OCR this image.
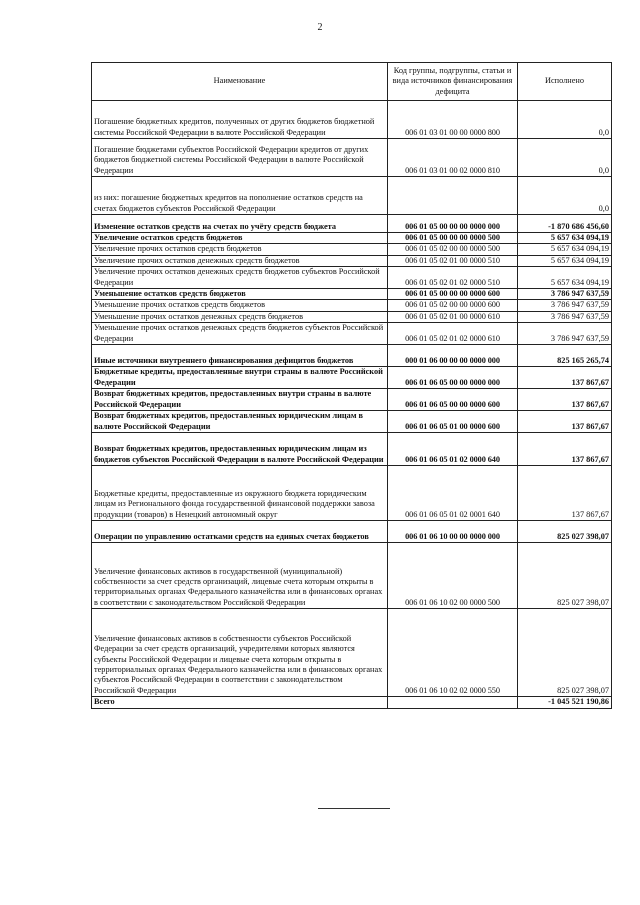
2
Наименование	Код группы, подгруппы, статьи и вида источников финансирования дефицита	Исполнено
Погашение бюджетных кредитов, полученных от других бюджетов бюджетной системы Российской Федерации в валюте Российской Федерации	006 01 03 01 00 00 0000 800	0,0
Погашение бюджетами субъектов Российской Федерации кредитов от других бюджетов бюджетной системы Российской Федерации в валюте Российской Федерации	006 01 03 01 00 02 0000 810	0,0
из них: погашение бюджетных кредитов на пополнение остатков средств на счетах бюджетов субъектов Российской Федерации		0,0
Изменение остатков средств на счетах по учёту средств бюджета	006 01 05 00 00 00 0000 000	-1 870 686 456,60
Увеличение остатков средств бюджетов	006 01 05 00 00 00 0000 500	5 657 634 094,19
Увеличение прочих остатков средств бюджетов	006 01 05 02 00 00 0000 500	5 657 634 094,19
Увеличение прочих остатков денежных средств бюджетов	006 01 05 02 01 00 0000 510	5 657 634 094,19
Увеличение прочих остатков денежных средств бюджетов субъектов Российской Федерации	006 01 05 02 01 02 0000 510	5 657 634 094,19
Уменьшение остатков средств бюджетов	006 01 05 00 00 00 0000 600	3 786 947 637,59
Уменьшение прочих остатков средств бюджетов	006 01 05 02 00 00 0000 600	3 786 947 637,59
Уменьшение прочих остатков денежных средств бюджетов	006 01 05 02 01 00 0000 610	3 786 947 637,59
Уменьшение прочих остатков денежных средств бюджетов субъектов Российской Федерации	006 01 05 02 01 02 0000 610	3 786 947 637,59
Иные источники внутреннего финансирования дефицитов бюджетов	000 01 06 00 00 00 0000 000	825 165 265,74
Бюджетные кредиты, предоставленные внутри страны в валюте Российской Федерации	006 01 06 05 00 00 0000 000	137 867,67
Возврат бюджетных кредитов, предоставленных внутри страны в валюте Российской Федерации	006 01 06 05 00 00 0000 600	137 867,67
Возврат бюджетных кредитов, предоставленных юридическим лицам в валюте Российской Федерации	006 01 06 05 01 00 0000 600	137 867,67
Возврат бюджетных кредитов, предоставленных юридическим лицам из бюджетов субъектов Российской Федерации в валюте Российской Федерации	006 01 06 05 01 02 0000 640	137 867,67
Бюджетные кредиты, предоставленные из окружного бюджета юридическим лицам из Регионального фонда государственной финансовой поддержки завоза продукции (товаров) в Ненецкий автономный округ	006 01 06 05 01 02 0001 640	137 867,67
Операции по управлению остатками средств на единых счетах бюджетов	006 01 06 10 00 00 0000 000	825 027 398,07
Увеличение финансовых активов в государственной (муниципальной) собственности за счет средств организаций, лицевые счета которым открыты в территориальных органах Федерального казначейства или в финансовых органах в соответствии с законодательством Российской Федерации	006 01 06 10 02 00 0000 500	825 027 398,07
Увеличение финансовых активов в собственности субъектов Российской Федерации за счет средств организаций, учредителями которых являются субъекты Российской Федерации и лицевые счета которым открыты в территориальных органах Федерального казначейства или в финансовых органах субъектов Российской Федерации в соответствии с законодательством Российской Федерации	006 01 06 10 02 02 0000 550	825 027 398,07
Всего		-1 045 521 190,86
